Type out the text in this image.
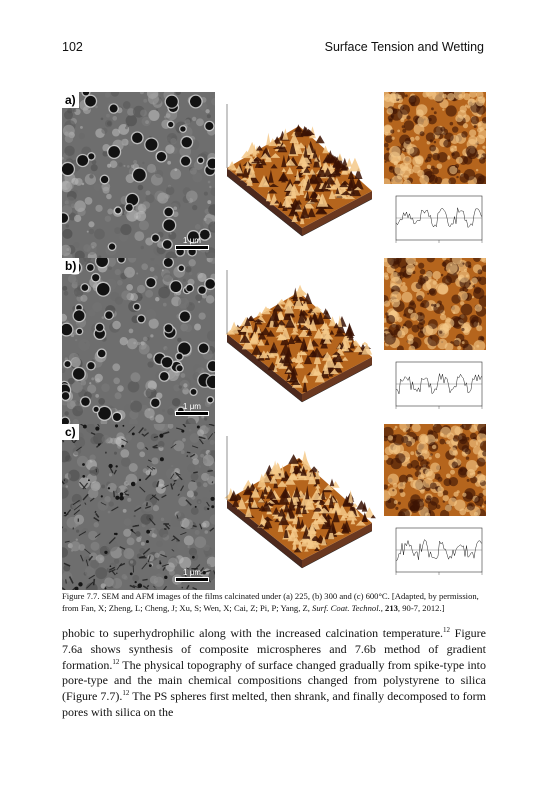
102	Surface Tension and Wetting
a)
1 μm
b)
1 μm
c)
1 μm
Figure 7.7. SEM and AFM images of the films calcinated under (a) 225, (b) 300 and (c) 600°C. [Adapted, by permission, from Fan, X; Zheng, L; Cheng, J; Xu, S; Wen, X; Cai, Z; Pi, P; Yang, Z, Surf. Coat. Technol., 213, 90-7, 2012.]

phobic to superhydrophilic along with the increased calcination temperature.$^{12}$ Figure 7.6a shows synthesis of composite microspheres and 7.6b method of gradient formation.$^{12}$ The physical topography of surface changed gradually from spike-type into pore-type and the main chemical compositions changed from polystyrene to silica (Figure 7.7).$^{12}$ The PS spheres first melted, then shrank, and finally decomposed to form pores with silica on the
